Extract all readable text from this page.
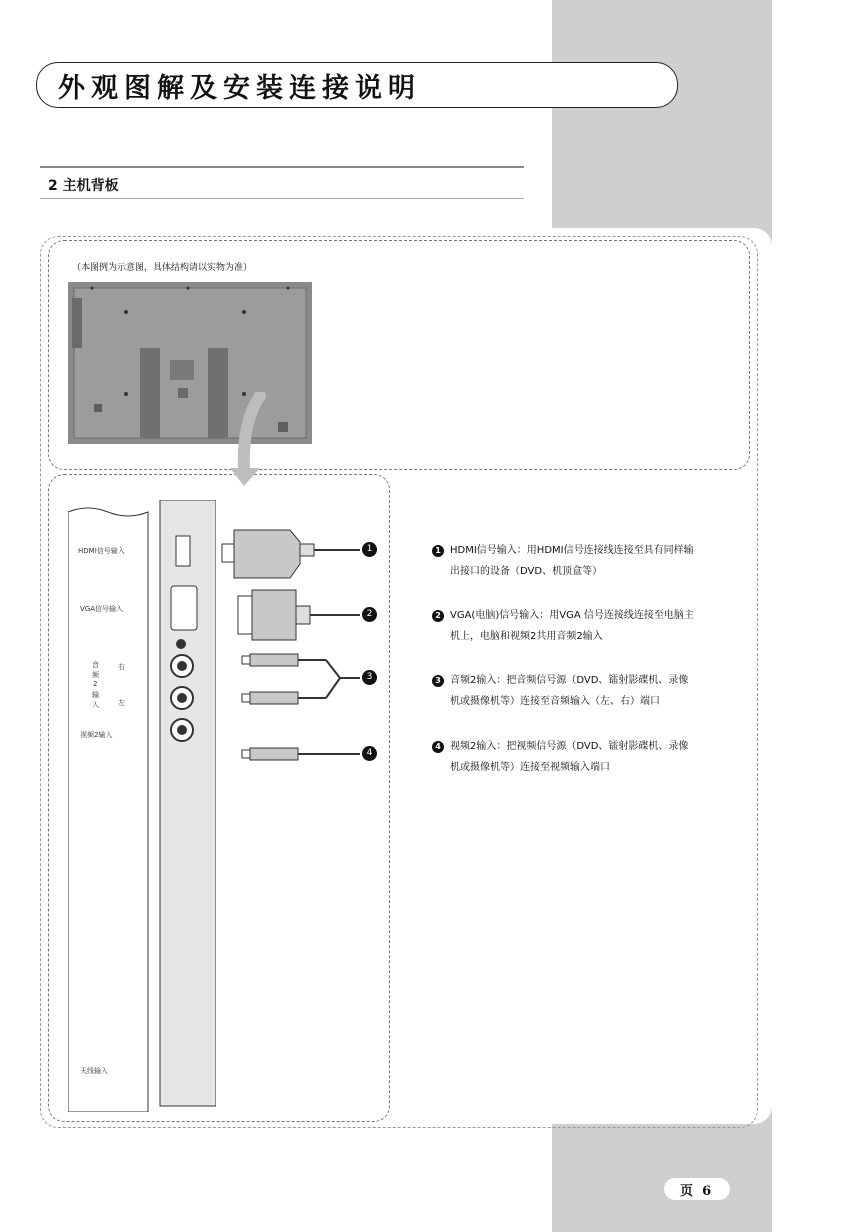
外观图解及安装连接说明
2 主机背板
（本图例为示意图，具体结构请以实物为准）
HDMI信号输入
VGA信号输入
音
频
2
输
入
右
左
视频2输入
天线输入
1
2
3
4
1 HDMI信号输入：用HDMI信号连接线连接至具有同样输
出接口的设备（DVD、机顶盒等）
2 VGA(电脑)信号输入：用VGA 信号连接线连接至电脑主
机上，电脑和视频2共用音频2输入
3 音频2输入：把音频信号源（DVD、镭射影碟机、录像
机或摄像机等）连接至音频输入（左、右）端口
4 视频2输入：把视频信号源（DVD、镭射影碟机、录像
机或摄像机等）连接至视频输入端口
页 6
